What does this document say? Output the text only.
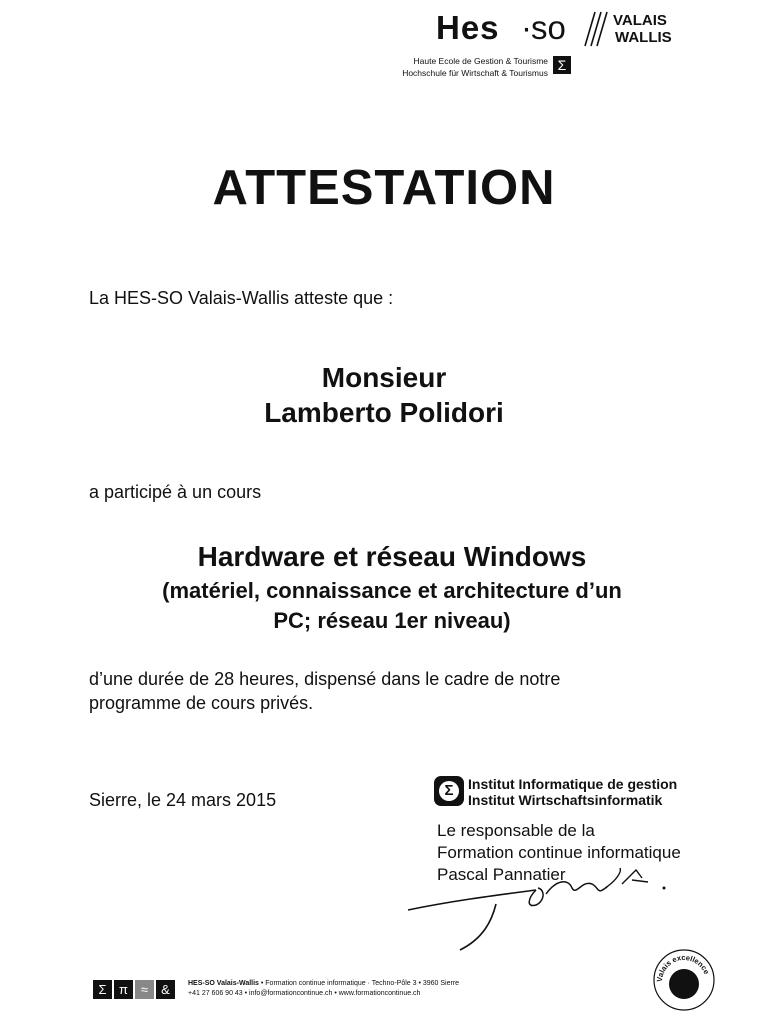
Hes · so	VALAIS
WALLIS
Haute Ecole de Gestion & Tourisme
Hochschule für Wirtschaft & Tourismus Σ
ATTESTATION
La HES-SO Valais-Wallis atteste que :
Monsieur
Lamberto Polidori
a participé à un cours
Hardware et réseau Windows
(matériel, connaissance et architecture d’un
PC; réseau 1er niveau)
d’une durée de 28 heures, dispensé dans le cadre de notre
programme de cours privés.
Sierre, le 24 mars 2015	Σ	Institut Informatique de gestion
Institut Wirtschaftsinformatik
Le responsable de la
Formation continue informatique
Pascal Pannatier
Σ π ≈ &	HES-SO Valais-Wallis • Formation continue informatique · Techno-Pôle 3 • 3960 Sierre
+41 27 606 90 43 • info@formationcontinue.ch • www.formationcontinue.ch
Valais excellence
